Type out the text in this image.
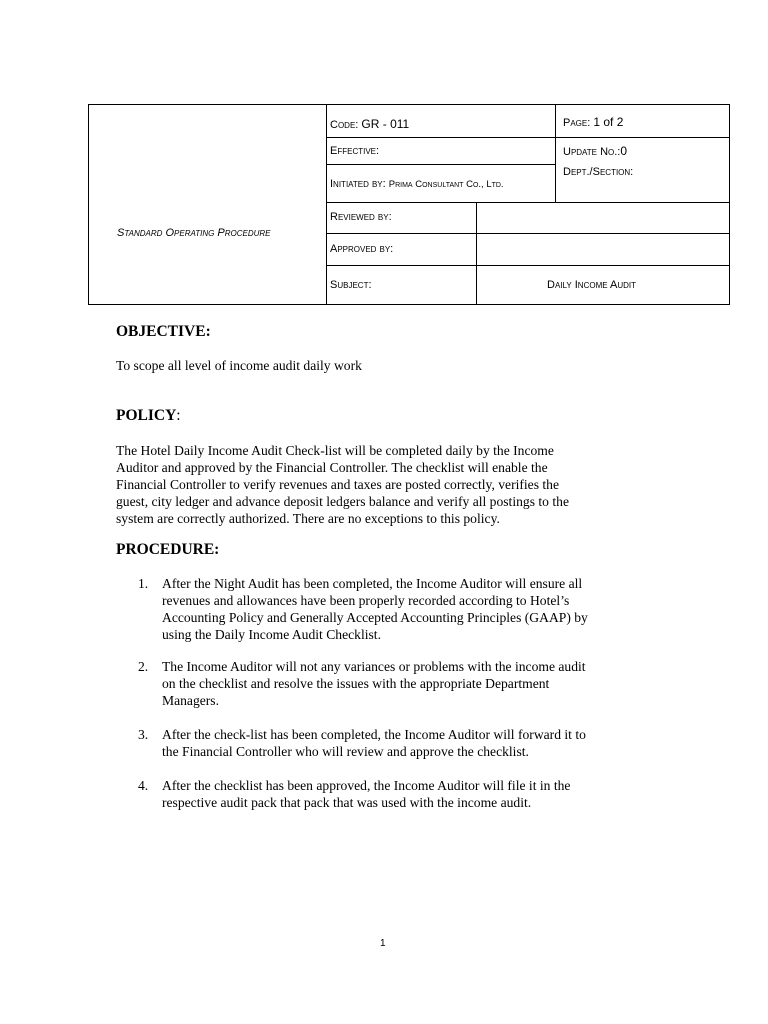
Standard Operating Procedure
Code: GR - 011	Page: 1 of 2
Effective:	Update No.:0
Initiated by: Prima Consultant Co., Ltd.
Dept./Section:
Reviewed by:
Approved by:
Subject:	Daily Income Audit
OBJECTIVE:

To scope all level of income audit daily work

POLICY:
The Hotel Daily Income Audit Check-list will be completed daily by the Income
Auditor and approved by the Financial Controller. The checklist will enable the
Financial Controller to verify revenues and taxes are posted correctly, verifies the
guest, city ledger and advance deposit ledgers balance and verify all postings to the
system are correctly authorized. There are no exceptions to this policy.
PROCEDURE:
1. After the Night Audit has been completed, the Income Auditor will ensure all
revenues and allowances have been properly recorded according to Hotel’s
Accounting Policy and Generally Accepted Accounting Principles (GAAP) by
using the Daily Income Audit Checklist.
2. The Income Auditor will not any variances or problems with the income audit
on the checklist and resolve the issues with the appropriate Department
Managers.
3. After the check-list has been completed, the Income Auditor will forward it to
the Financial Controller who will review and approve the checklist.
4. After the checklist has been approved, the Income Auditor will file it in the
respective audit pack that pack that was used with the income audit.
1
